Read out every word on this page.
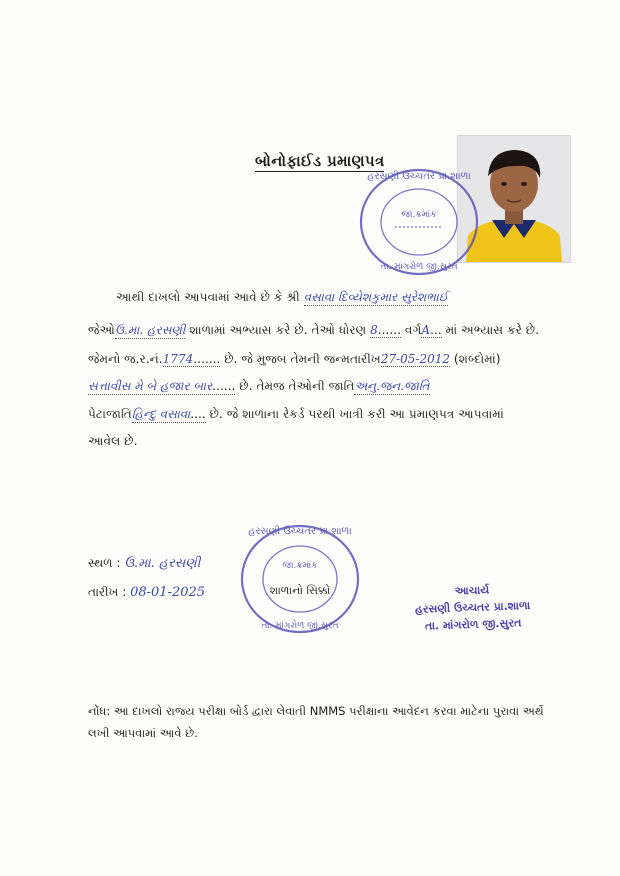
બોનોફાઈડ પ્રમાણપત્ર
હરસણી ઉચ્ચતર પ્રા.શાળા
જા.ક્રમાંક
તા. માંગરોળ જી.સુરત
આથી દાખલો આપવામાં આવે છે કે શ્રી વસાવા દિવ્યેશકુમાર સુરેશભાઈ
જેઓઉ.મા. હરસણી શાળામાં અભ્યાસ કરે છે. તેઓ ધોરણ 8...... વર્ગA... માં અભ્યાસ કરે છે.
જેમનો જ.ર.નં.1774....... છે. જે મુજબ તેમની જન્મતારીખ27-05-2012 (શબ્દોમાં)
સત્તાવીસ મે બે હજાર બાર...... છે. તેમજ તેઓની જાતિઅનુ.જન.જાતિ
પેટાજાતિહિન્દુ વસાવા.... છે. જે શાળાના રેકર્ડ પરથી ખાત્રી કરી આ પ્રમાણપત્ર આપવામાં
આવેલ છે.
સ્થળ : ઉ.મા. હરસણી
તારીખ : 08-01-2025
હરસણી ઉચ્ચતર પ્રા.શાળા
જા.ક્રમાંક
શાળાનો સિક્કો
તા. માંગરોળ જી.સુરત
આચાર્ય
હરસણી ઉચ્ચતર પ્રા.શાળા
તા. માંગરોળ જી.સુરત
નોંધ: આ દાખલો રાજ્ય પરીક્ષા બોર્ડ દ્વારા લેવાતી NMMS પરીક્ષાના આવેદન કરવા માટેના પુરાવા અર્થે લખી આપવામાં આવે છે.
